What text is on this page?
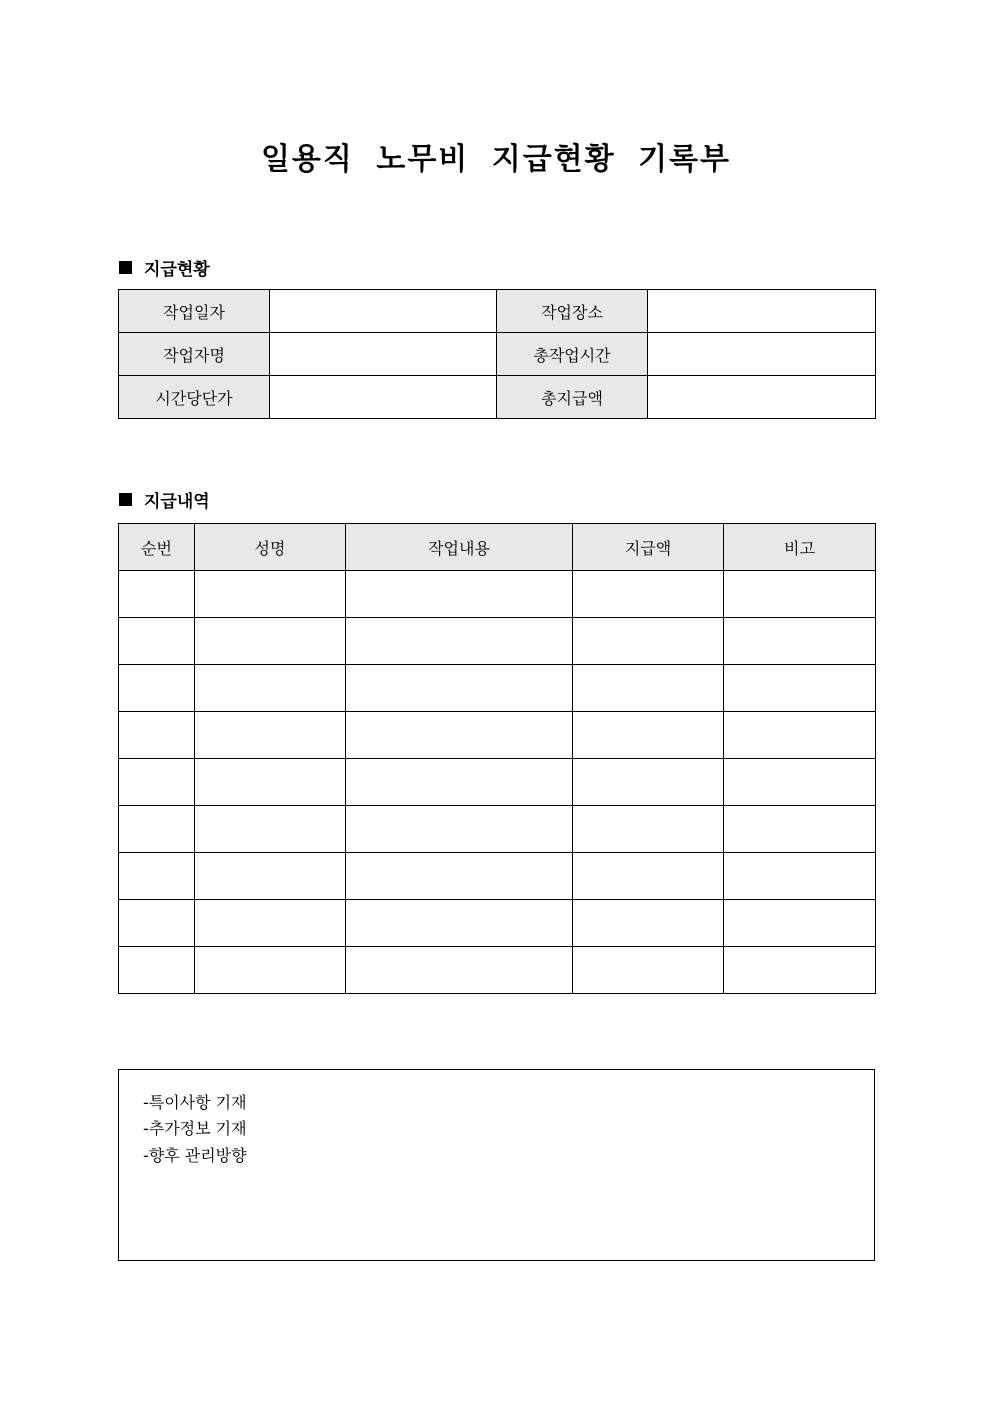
일용직 노무비 지급현황 기록부
지급현황
작업일자		작업장소	
작업자명		총작업시간	
시간당단가		총지급액	
지급내역
순번	성명	작업내용	지급액	비고

-특이사항 기재
-추가정보 기재
-향후 관리방향
